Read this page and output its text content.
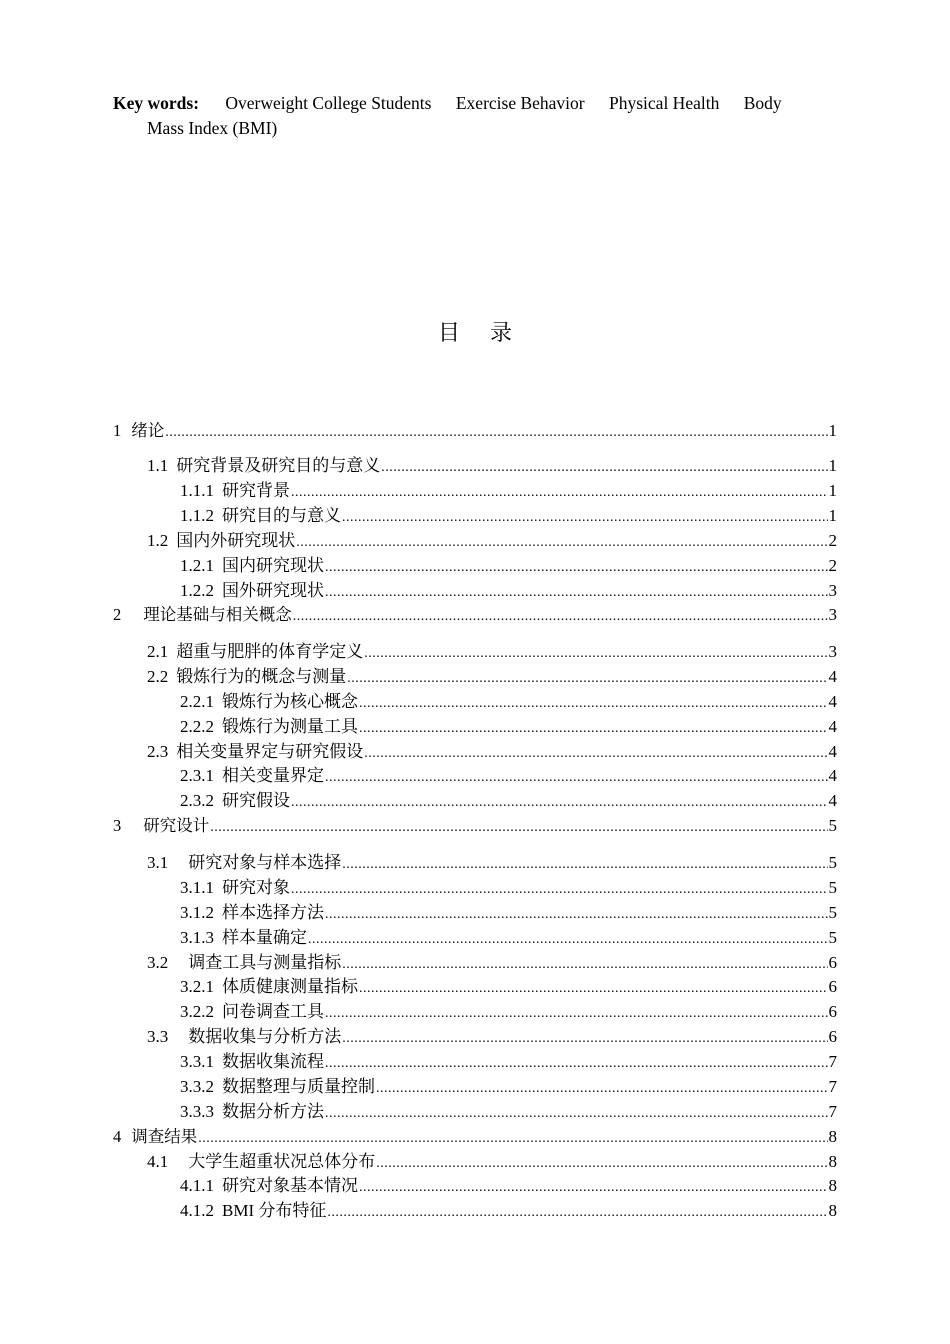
Key words: Overweight College Students Exercise Behavior Physical Health Body
Mass Index (BMI)
目录
1 绪论 .....	1
1.1 研究背景及研究目的与意义 .....	1
1.1.1 研究背景 .....	1
1.1.2 研究目的与意义 .....	1
1.2 国内外研究现状 .....	2
1.2.1 国内研究现状 .....	2
1.2.2 国外研究现状 .....	3
2 理论基础与相关概念 .....	3
2.1 超重与肥胖的体育学定义 .....	3
2.2 锻炼行为的概念与测量 .....	4
2.2.1 锻炼行为核心概念 .....	4
2.2.2 锻炼行为测量工具 .....	4
2.3 相关变量界定与研究假设 .....	4
2.3.1 相关变量界定 .....	4
2.3.2 研究假设 .....	4
3 研究设计 .....	5
3.1 研究对象与样本选择 .....	5
3.1.1 研究对象 .....	5
3.1.2 样本选择方法 .....	5
3.1.3 样本量确定 .....	5
3.2 调查工具与测量指标 .....	6
3.2.1 体质健康测量指标 .....	6
3.2.2 问卷调查工具 .....	6
3.3 数据收集与分析方法 .....	6
3.3.1 数据收集流程 .....	7
3.3.2 数据整理与质量控制 .....	7
3.3.3 数据分析方法 .....	7
4 调查结果 .....	8
4.1 大学生超重状况总体分布 .....	8
4.1.1 研究对象基本情况 .....	8
4.1.2 BMI 分布特征 .....	8
